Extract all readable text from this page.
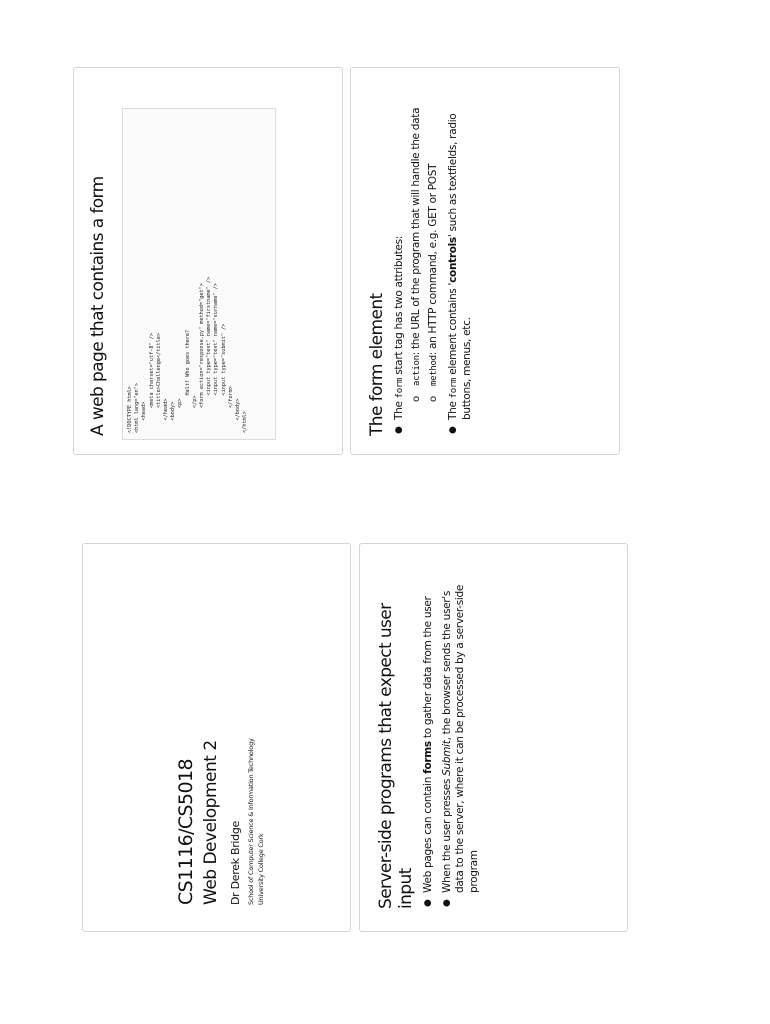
CS1116/CS5018 Web Development 2 Dr Derek Bridge School of Computer Science & Information Technology University College Cork	Server-side programs that expect user input ● Web pages can contain forms to gather data from the user
● When the user presses Submit, the browser sends the user's data to the server, where it can be processed by a server-side program
A web page that contains a form	<!DOCTYPE html>
<html lang="en">
<head>
<meta charset="utf-8" />
<title>Challenge</title>
</head>
<body>
<p>
Halt! Who goes there?
</p>
<form action="response.py" method="get">
<input type="text" name="firstname" />
<input type="text" name="surname" />
<input type="submit" />
</form>
</body>
</html>	The form element ● The form start tag has two attributes: o action: the URL of the program that will handle the data
o method: an HTTP command, e.g. GET or POST
● The form element contains 'controls' such as textfields, radio buttons, menus, etc.
